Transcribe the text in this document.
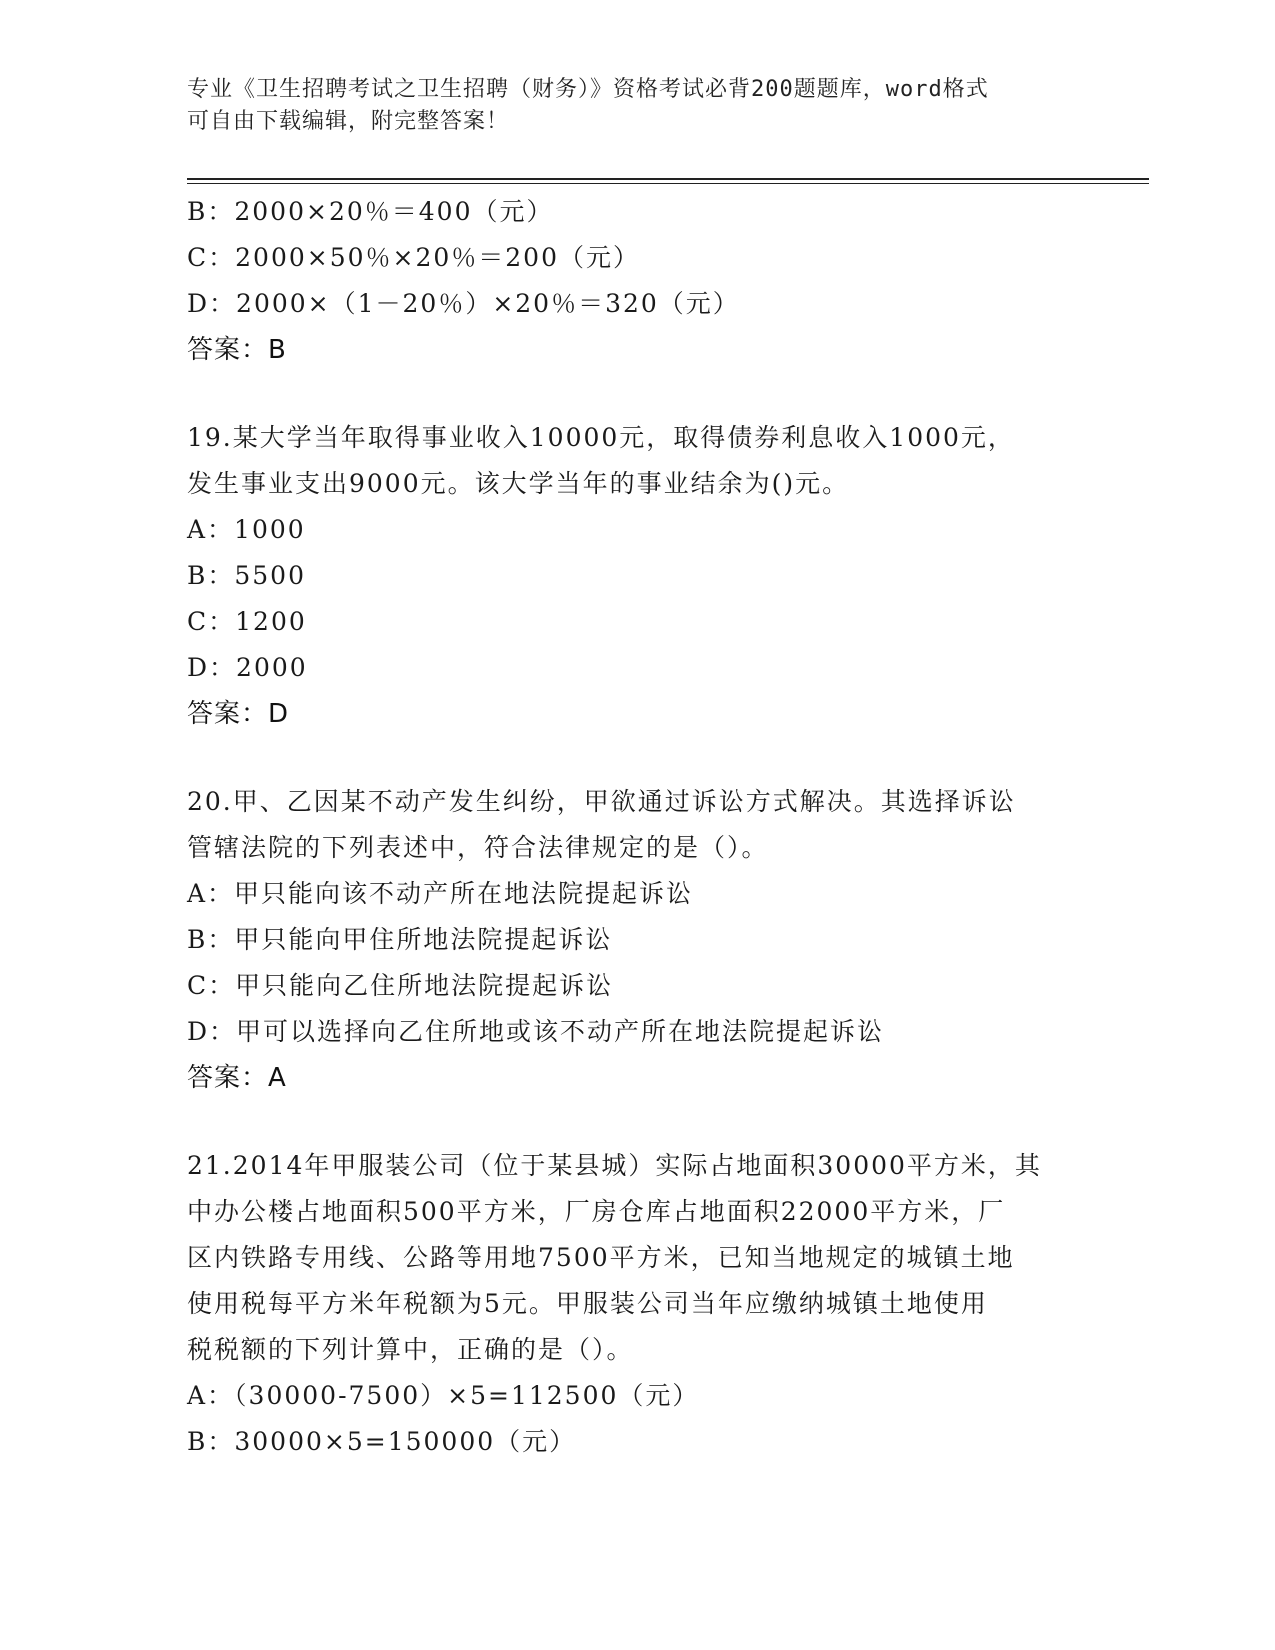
专业《卫生招聘考试之卫生招聘（财务）》资格考试必背200题题库，word格式
可自由下载编辑，附完整答案！
B：2000×20％＝400（元）
C：2000×50％×20％＝200（元）
D：2000×（1－20％）×20％＝320（元）
答案：B
19.某大学当年取得事业收入10000元，取得债券利息收入1000元，
发生事业支出9000元。该大学当年的事业结余为()元。
A：1000
B：5500
C：1200
D：2000
答案：D
20.甲、乙因某不动产发生纠纷，甲欲通过诉讼方式解决。其选择诉讼
管辖法院的下列表述中，符合法律规定的是（）。
A：甲只能向该不动产所在地法院提起诉讼
B：甲只能向甲住所地法院提起诉讼
C：甲只能向乙住所地法院提起诉讼
D：甲可以选择向乙住所地或该不动产所在地法院提起诉讼
答案：A
21.2014年甲服装公司（位于某县城）实际占地面积30000平方米，其
中办公楼占地面积500平方米，厂房仓库占地面积22000平方米，厂
区内铁路专用线、公路等用地7500平方米，已知当地规定的城镇土地
使用税每平方米年税额为5元。甲服装公司当年应缴纳城镇土地使用
税税额的下列计算中，正确的是（）。
A：（30000-7500）×5=112500（元）
B：30000×5=150000（元）
